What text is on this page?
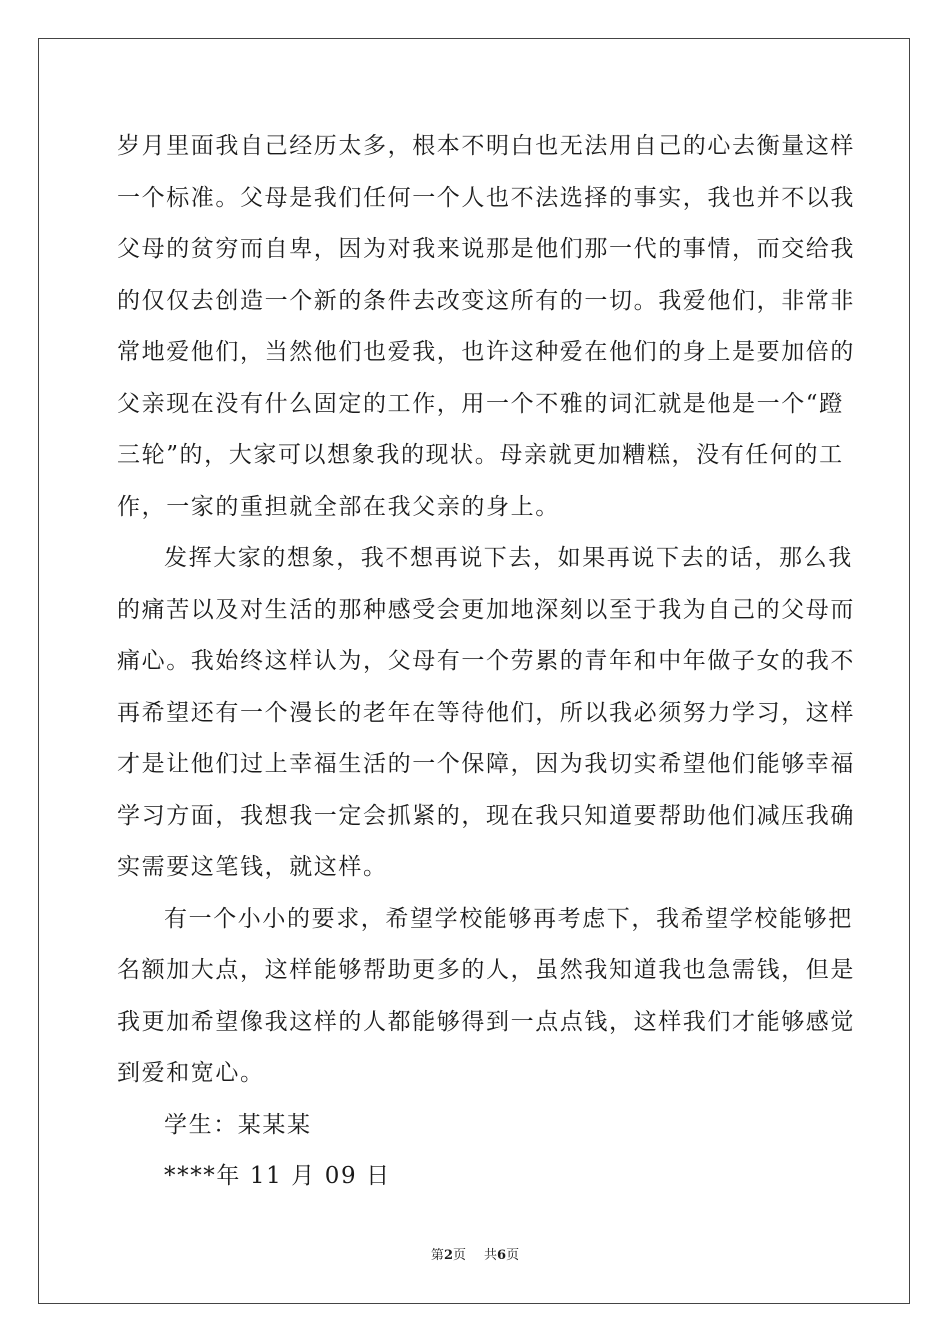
岁月里面我自己经历太多，根本不明白也无法用自己的心去衡量这样
一个标准。父母是我们任何一个人也不法选择的事实，我也并不以我
父母的贫穷而自卑，因为对我来说那是他们那一代的事情，而交给我
的仅仅去创造一个新的条件去改变这所有的一切。我爱他们，非常非
常地爱他们，当然他们也爱我，也许这种爱在他们的身上是要加倍的
父亲现在没有什么固定的工作，用一个不雅的词汇就是他是一个“蹬
三轮”的，大家可以想象我的现状。母亲就更加糟糕，没有任何的工
作，一家的重担就全部在我父亲的身上。
发挥大家的想象，我不想再说下去，如果再说下去的话，那么我
的痛苦以及对生活的那种感受会更加地深刻以至于我为自己的父母而
痛心。我始终这样认为，父母有一个劳累的青年和中年做子女的我不
再希望还有一个漫长的老年在等待他们，所以我必须努力学习，这样
才是让他们过上幸福生活的一个保障，因为我切实希望他们能够幸福
学习方面，我想我一定会抓紧的，现在我只知道要帮助他们减压我确
实需要这笔钱，就这样。
有一个小小的要求，希望学校能够再考虑下，我希望学校能够把
名额加大点，这样能够帮助更多的人，虽然我知道我也急需钱，但是
我更加希望像我这样的人都能够得到一点点钱，这样我们才能够感觉
到爱和宽心。
学生：某某某
****年 11 月 09 日
第2页 共6页
